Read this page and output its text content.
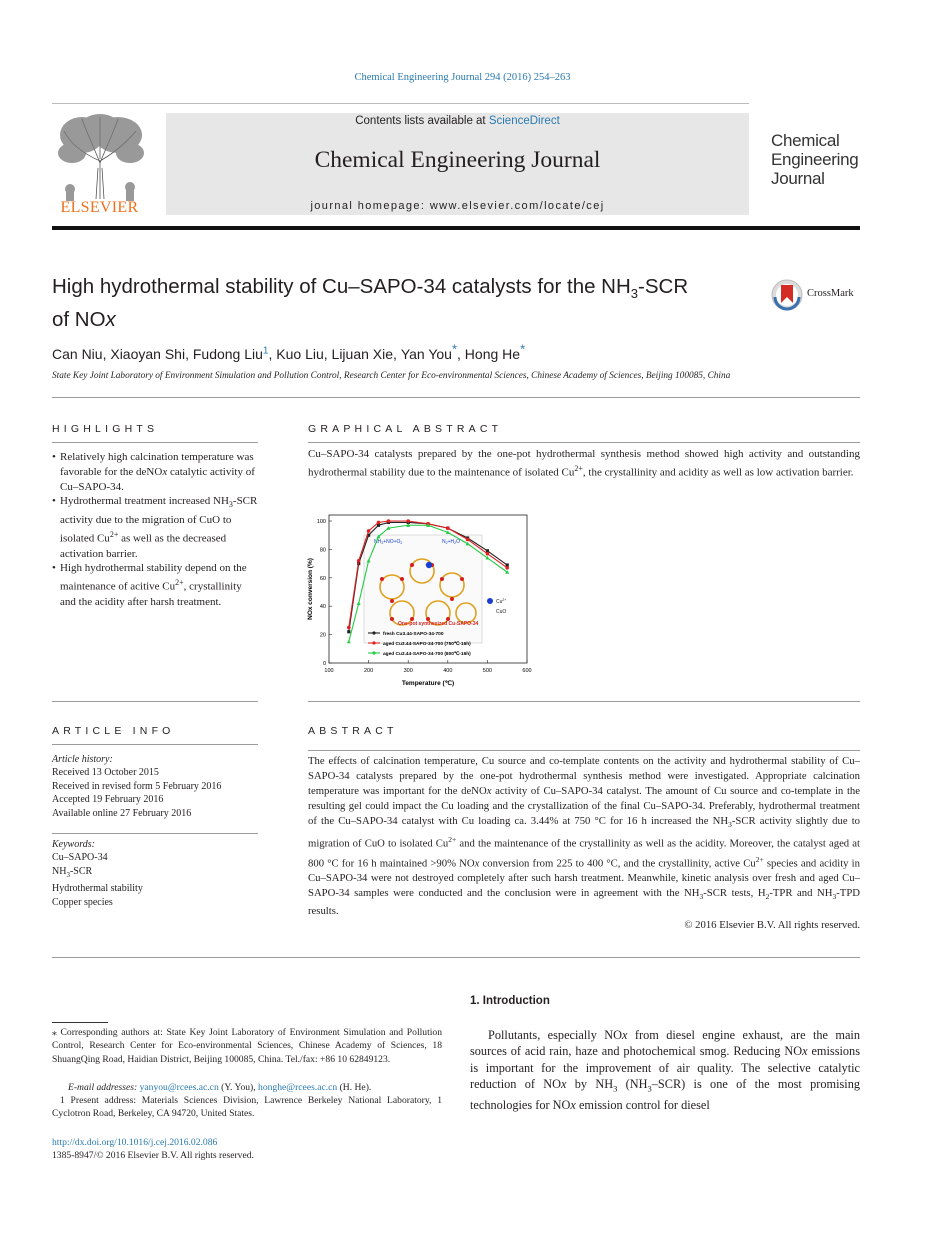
Chemical Engineering Journal 294 (2016) 254–263
ELSEVIER
Contents lists available at ScienceDirect
Chemical Engineering Journal
journal homepage: www.elsevier.com/locate/cej
Chemical
Engineering
Journal
High hydrothermal stability of Cu–SAPO-34 catalysts for the $NH_3$-SCR
of NOx
CrossMark
Can Niu, Xiaoyan Shi, Fudong Liu$^1$, Kuo Liu, Lijuan Xie, Yan You*, Hong He*
State Key Joint Laboratory of Environment Simulation and Pollution Control, Research Center for Eco-environmental Sciences, Chinese Academy of Sciences, Beijing 100085, China
HIGHLIGHTS
• Relatively high calcination temperature was favorable for the deNOx catalytic activity of Cu–SAPO-34.
• Hydrothermal treatment increased $NH_3$-SCR activity due to the migration of CuO to isolated $Cu^{2+}$ as well as the decreased activation barrier.
• High hydrothermal stability depend on the maintenance of acitive $Cu^{2+}$, crystallinity and the acidity after harsh treatment.
GRAPHICAL ABSTRACT
Cu–SAPO-34 catalysts prepared by the one-pot hydrothermal synthesis method showed high activity and outstanding hydrothermal stability due to the maintenance of isolated $Cu^{2+}$, the crystallinity and acidity as well as low activation barrier.
$NH_3+NO+O_2$	$N_2+H_2O$
$Cu^{2+}$
CuO
One-pot synthesized Cu-SAPO-34
100	200	300	400	500	600
0
20
40
60
80
100
Temperature (℃)
NOx conversion (%)
fresh Cu3.44-SAPO-34-700
aged Cu3.44-SAPO-34-700 (750℃-16h)
aged Cu3.44-SAPO-34-700 (800℃-16h)
ARTICLE INFO
Article history:
Received 13 October 2015
Received in revised form 5 February 2016
Accepted 19 February 2016
Available online 27 February 2016
Keywords:
Cu–SAPO-34
$NH_3$-SCR
Hydrothermal stability
Copper species
ABSTRACT
The effects of calcination temperature, Cu source and co-template contents on the activity and hydrothermal stability of Cu–SAPO-34 catalysts prepared by the one-pot hydrothermal synthesis method were investigated. Appropriate calcination temperature was important for the deNOx activity of Cu–SAPO-34 catalyst. The amount of Cu source and co-template in the resulting gel could impact the Cu loading and the crystallization of the final Cu–SAPO-34. Preferably, hydrothermal treatment of the Cu–SAPO-34 catalyst with Cu loading ca. 3.44% at 750 °C for 16 h increased the $NH_3$-SCR activity slightly due to migration of CuO to isolated $Cu^{2+}$ and the maintenance of the crystallinity as well as the acidity. Moreover, the catalyst aged at 800 °C for 16 h maintained >90% NOx conversion from 225 to 400 °C, and the crystallinity, active $Cu^{2+}$ species and acidity in Cu–SAPO-34 were not destroyed completely after such harsh treatment. Meanwhile, kinetic analysis over fresh and aged Cu–SAPO-34 samples were conducted and the conclusion were in agreement with the $NH_3$-SCR tests, $H_2$-TPR and $NH_3$-TPD results.
© 2016 Elsevier B.V. All rights reserved.
1. Introduction
Pollutants, especially NOx from diesel engine exhaust, are the main sources of acid rain, haze and photochemical smog. Reducing NOx emissions is important for the improvement of air quality. The selective catalytic reduction of NOx by $NH_3$ $(NH_3-SCR)$ is one of the most promising technologies for NOx emission control for diesel
⁎ Corresponding authors at: State Key Joint Laboratory of Environment Simulation and Pollution Control, Research Center for Eco-environmental Sciences, Chinese Academy of Sciences, 18 ShuangQing Road, Haidian District, Beijing 100085, China. Tel./fax: +86 10 62849123.
E-mail addresses: yanyou@rcees.ac.cn (Y. You), honghe@rcees.ac.cn (H. He).
1 Present address: Materials Sciences Division, Lawrence Berkeley National Laboratory, 1 Cyclotron Road, Berkeley, CA 94720, United States.
http://dx.doi.org/10.1016/j.cej.2016.02.086
1385-8947/© 2016 Elsevier B.V. All rights reserved.
